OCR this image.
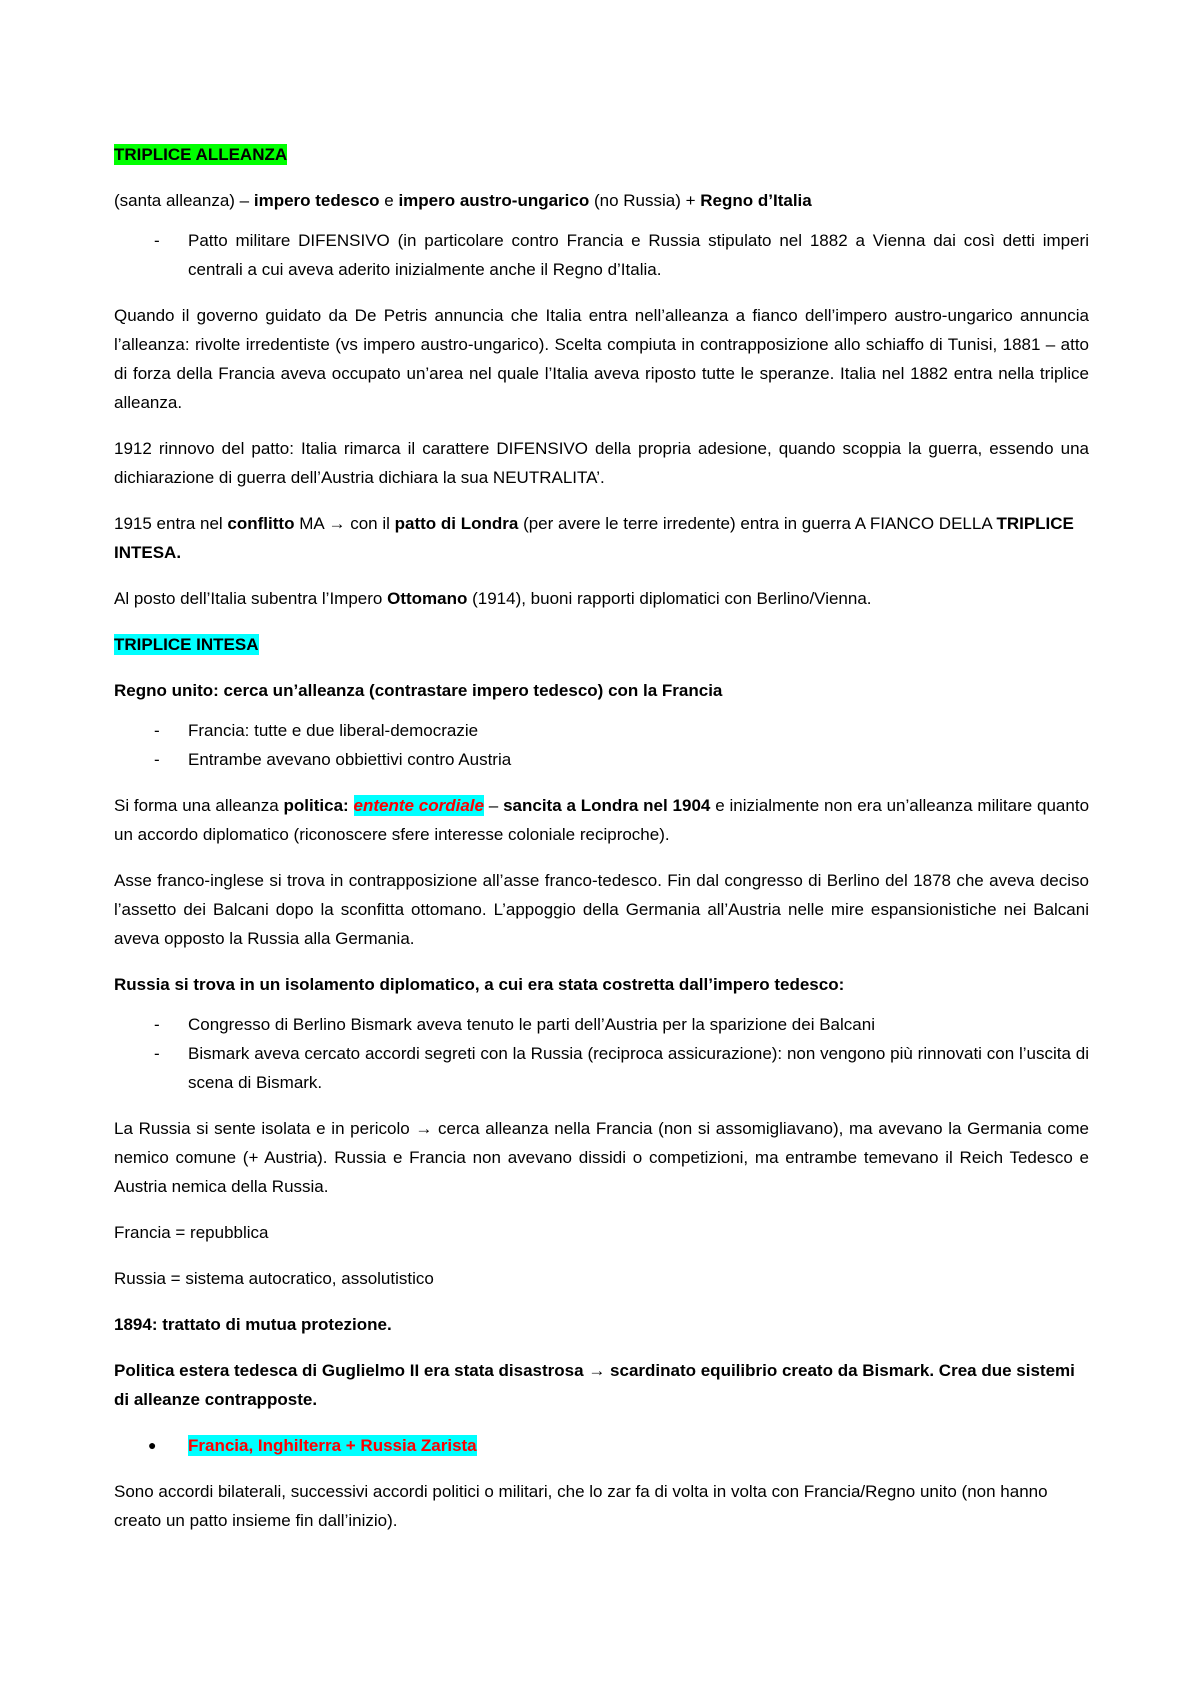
TRIPLICE ALLEANZA

(santa alleanza) – impero tedesco e impero austro-ungarico (no Russia) + Regno d’Italia

- Patto militare DIFENSIVO (in particolare contro Francia e Russia stipulato nel 1882 a Vienna dai così detti imperi centrali a cui aveva aderito inizialmente anche il Regno d’Italia.

Quando il governo guidato da De Petris annuncia che Italia entra nell’alleanza a fianco dell’impero austro-ungarico annuncia l’alleanza: rivolte irredentiste (vs impero austro-ungarico). Scelta compiuta in contrapposizione allo schiaffo di Tunisi, 1881 – atto di forza della Francia aveva occupato un’area nel quale l’Italia aveva riposto tutte le speranze. Italia nel 1882 entra nella triplice alleanza.

1912 rinnovo del patto: Italia rimarca il carattere DIFENSIVO della propria adesione, quando scoppia la guerra, essendo una dichiarazione di guerra dell’Austria dichiara la sua NEUTRALITA’.

1915 entra nel conflitto MA → con il patto di Londra (per avere le terre irredente) entra in guerra A FIANCO DELLA TRIPLICE INTESA.

Al posto dell’Italia subentra l’Impero Ottomano (1914), buoni rapporti diplomatici con Berlino/Vienna.

TRIPLICE INTESA

Regno unito: cerca un’alleanza (contrastare impero tedesco) con la Francia

- Francia: tutte e due liberal-democrazie
- Entrambe avevano obbiettivi contro Austria

Si forma una alleanza politica: entente cordiale – sancita a Londra nel 1904 e inizialmente non era un’alleanza militare quanto un accordo diplomatico (riconoscere sfere interesse coloniale reciproche).

Asse franco-inglese si trova in contrapposizione all’asse franco-tedesco. Fin dal congresso di Berlino del 1878 che aveva deciso l’assetto dei Balcani dopo la sconfitta ottomano. L’appoggio della Germania all’Austria nelle mire espansionistiche nei Balcani aveva opposto la Russia alla Germania.

Russia si trova in un isolamento diplomatico, a cui era stata costretta dall’impero tedesco:

- Congresso di Berlino Bismark aveva tenuto le parti dell’Austria per la sparizione dei Balcani
- Bismark aveva cercato accordi segreti con la Russia (reciproca assicurazione): non vengono più rinnovati con l’uscita di scena di Bismark.

La Russia si sente isolata e in pericolo → cerca alleanza nella Francia (non si assomigliavano), ma avevano la Germania come nemico comune (+ Austria). Russia e Francia non avevano dissidi o competizioni, ma entrambe temevano il Reich Tedesco e Austria nemica della Russia.

Francia = repubblica

Russia = sistema autocratico, assolutistico

1894: trattato di mutua protezione.

Politica estera tedesca di Guglielmo II era stata disastrosa → scardinato equilibrio creato da Bismark. Crea due sistemi di alleanze contrapposte.

● Francia, Inghilterra + Russia Zarista

Sono accordi bilaterali, successivi accordi politici o militari, che lo zar fa di volta in volta con Francia/Regno unito (non hanno creato un patto insieme fin dall’inizio).
